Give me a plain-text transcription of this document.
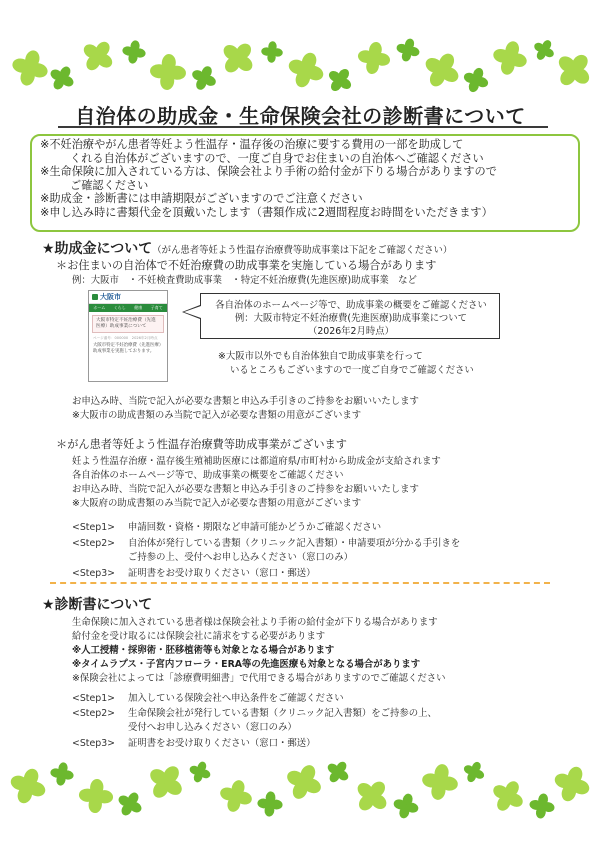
自治体の助成金・生命保険会社の診断書について
※不妊治療やがん患者等妊よう性温存・温存後の治療に要する費用の一部を助成して
くれる自治体がございますので、一度ご自身でお住まいの自治体へご確認ください
※生命保険に加入されている方は、保険会社より手術の給付金が下りる場合がありますので
ご確認ください
※助成金・診断書には申請期限がございますのでご注意ください
※申し込み時に書類代金を頂戴いたします（書類作成に2週間程度お時間をいただきます）
★助成金について（がん患者等妊よう性温存治療費等助成事業は下記をご確認ください）
＊お住まいの自治体で不妊治療費の助成事業を実施している場合があります
例：大阪市　・不妊検査費助成事業　・特定不妊治療費(先進医療)助成事業　など
大阪市
ホーム くらし 健康 子育て
大阪市特定不妊治療費（先進医療）助成事業について
ページ番号：000000　2026年2月時点
大阪市特定不妊治療費（先進医療）助成事業を実施しております。
各自治体のホームページ等で、助成事業の概要をご確認ください
例：大阪市特定不妊治療費(先進医療)助成事業について
（2026年2月時点）
※大阪市以外でも自治体独自で助成事業を行って
いるところもございますので一度ご自身でご確認ください
お申込み時、当院で記入が必要な書類と申込み手引きのご持参をお願いいたします
※大阪市の助成書類のみ当院で記入が必要な書類の用意がございます
＊がん患者等妊よう性温存治療費等助成事業がございます
妊よう性温存治療・温存後生殖補助医療には都道府県/市町村から助成金が支給されます
各自治体のホームページ等で、助成事業の概要をご確認ください
お申込み時、当院で記入が必要な書類と申込み手引きのご持参をお願いいたします
※大阪府の助成書類のみ当院で記入が必要な書類の用意がございます
<Step1> 申請回数・資格・期限など申請可能かどうかご確認ください
<Step2> 自治体が発行している書類（クリニック記入書類）・申請要項が分かる手引きを
ご持参の上、受付へお申し込みください（窓口のみ）
<Step3> 証明書をお受け取りください（窓口・郵送）
★診断書について
生命保険に加入されている患者様は保険会社より手術の給付金が下りる場合があります
給付金を受け取るには保険会社に請求をする必要があります
※人工授精・採卵術・胚移植術等も対象となる場合があります
※タイムラプス・子宮内フローラ・ERA等の先進医療も対象となる場合があります
※保険会社によっては「診療費明細書」で代用できる場合がありますのでご確認ください
<Step1> 加入している保険会社へ申込条件をご確認ください
<Step2> 生命保険会社が発行している書類（クリニック記入書類）をご持参の上、
受付へお申し込みください（窓口のみ）
<Step3> 証明書をお受け取りください（窓口・郵送）
